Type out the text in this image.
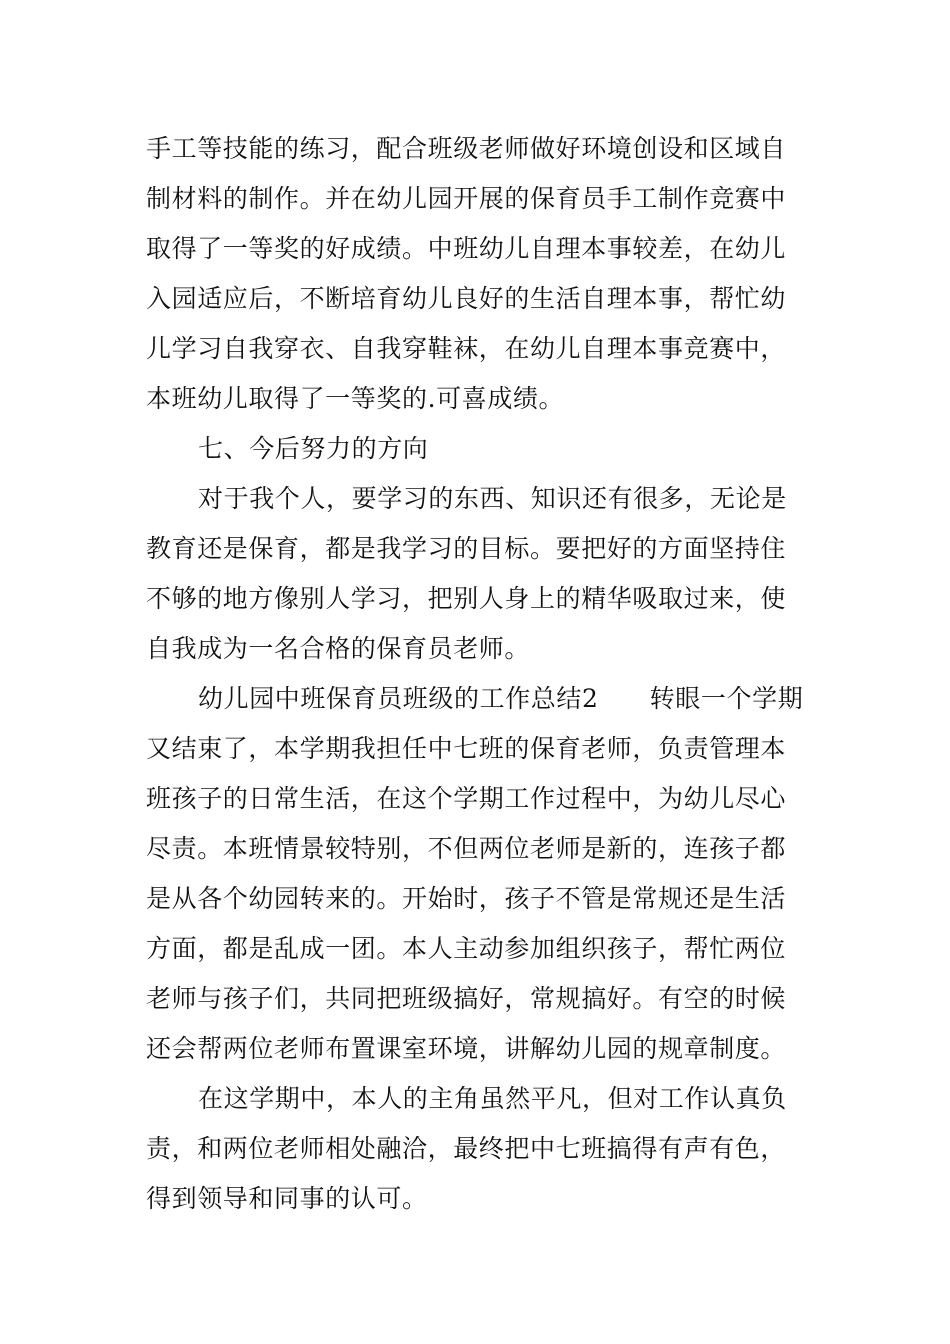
手工等技能的练习，配合班级老师做好环境创设和区域自
制材料的制作。并在幼儿园开展的保育员手工制作竞赛中
取得了一等奖的好成绩。中班幼儿自理本事较差，在幼儿
入园适应后，不断培育幼儿良好的生活自理本事，帮忙幼
儿学习自我穿衣、自我穿鞋袜，在幼儿自理本事竞赛中，
本班幼儿取得了一等奖的.可喜成绩。
七、今后努力的方向
对于我个人，要学习的东西、知识还有很多，无论是
教育还是保育，都是我学习的目标。要把好的方面坚持住
不够的地方像别人学习，把别人身上的精华吸取过来，使
自我成为一名合格的保育员老师。
幼儿园中班保育员班级的工作总结2　　转眼一个学期
又结束了，本学期我担任中七班的保育老师，负责管理本
班孩子的日常生活，在这个学期工作过程中，为幼儿尽心
尽责。本班情景较特别，不但两位老师是新的，连孩子都
是从各个幼园转来的。开始时，孩子不管是常规还是生活
方面，都是乱成一团。本人主动参加组织孩子，帮忙两位
老师与孩子们，共同把班级搞好，常规搞好。有空的时候
还会帮两位老师布置课室环境，讲解幼儿园的规章制度。
在这学期中，本人的主角虽然平凡，但对工作认真负
责，和两位老师相处融洽，最终把中七班搞得有声有色，
得到领导和同事的认可。
